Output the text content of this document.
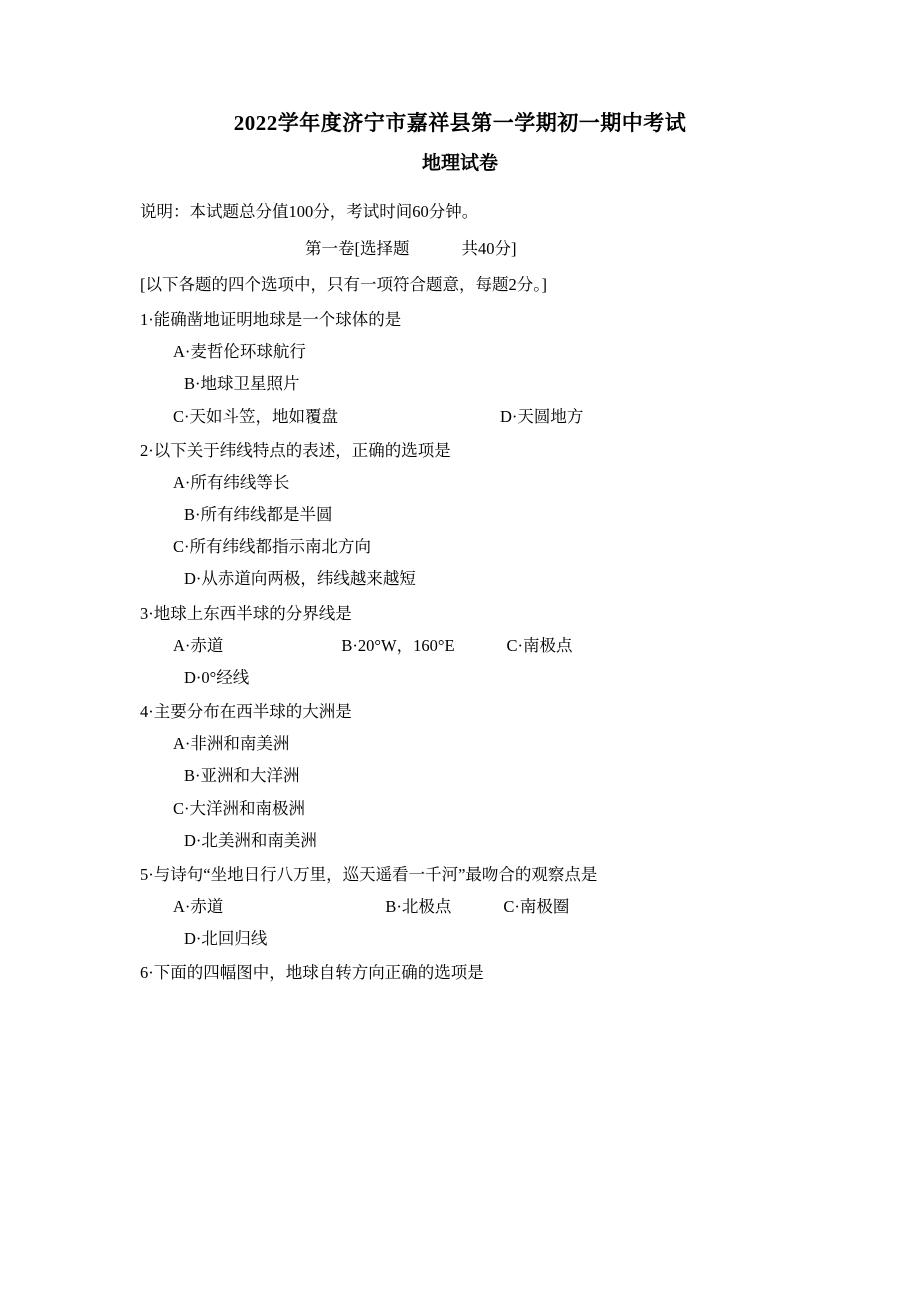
2022学年度济宁市嘉祥县第一学期初一期中考试
地理试卷
说明：本试题总分值100分，考试时间60分钟。
第一卷[选择题	共40分]
[以下各题的四个选项中，只有一项符合题意，每题2分。]
1·能确凿地证明地球是一个球体的是
A·麦哲伦环球航行
B·地球卫星照片
C·天如斗笠，地如覆盘	D·天圆地方
2·以下关于纬线特点的表述，正确的选项是
A·所有纬线等长
B·所有纬线都是半圆
C·所有纬线都指示南北方向
D·从赤道向两极，纬线越来越短
3·地球上东西半球的分界线是
A·赤道	B·20°W，160°E	C·南极点
D·0°经线
4·主要分布在西半球的大洲是
A·非洲和南美洲
B·亚洲和大洋洲
C·大洋洲和南极洲
D·北美洲和南美洲
5·与诗句“坐地日行八万里，巡天遥看一千河”最吻合的观察点是
A·赤道	B·北极点	C·南极圈
D·北回归线
6·下面的四幅图中，地球自转方向正确的选项是
